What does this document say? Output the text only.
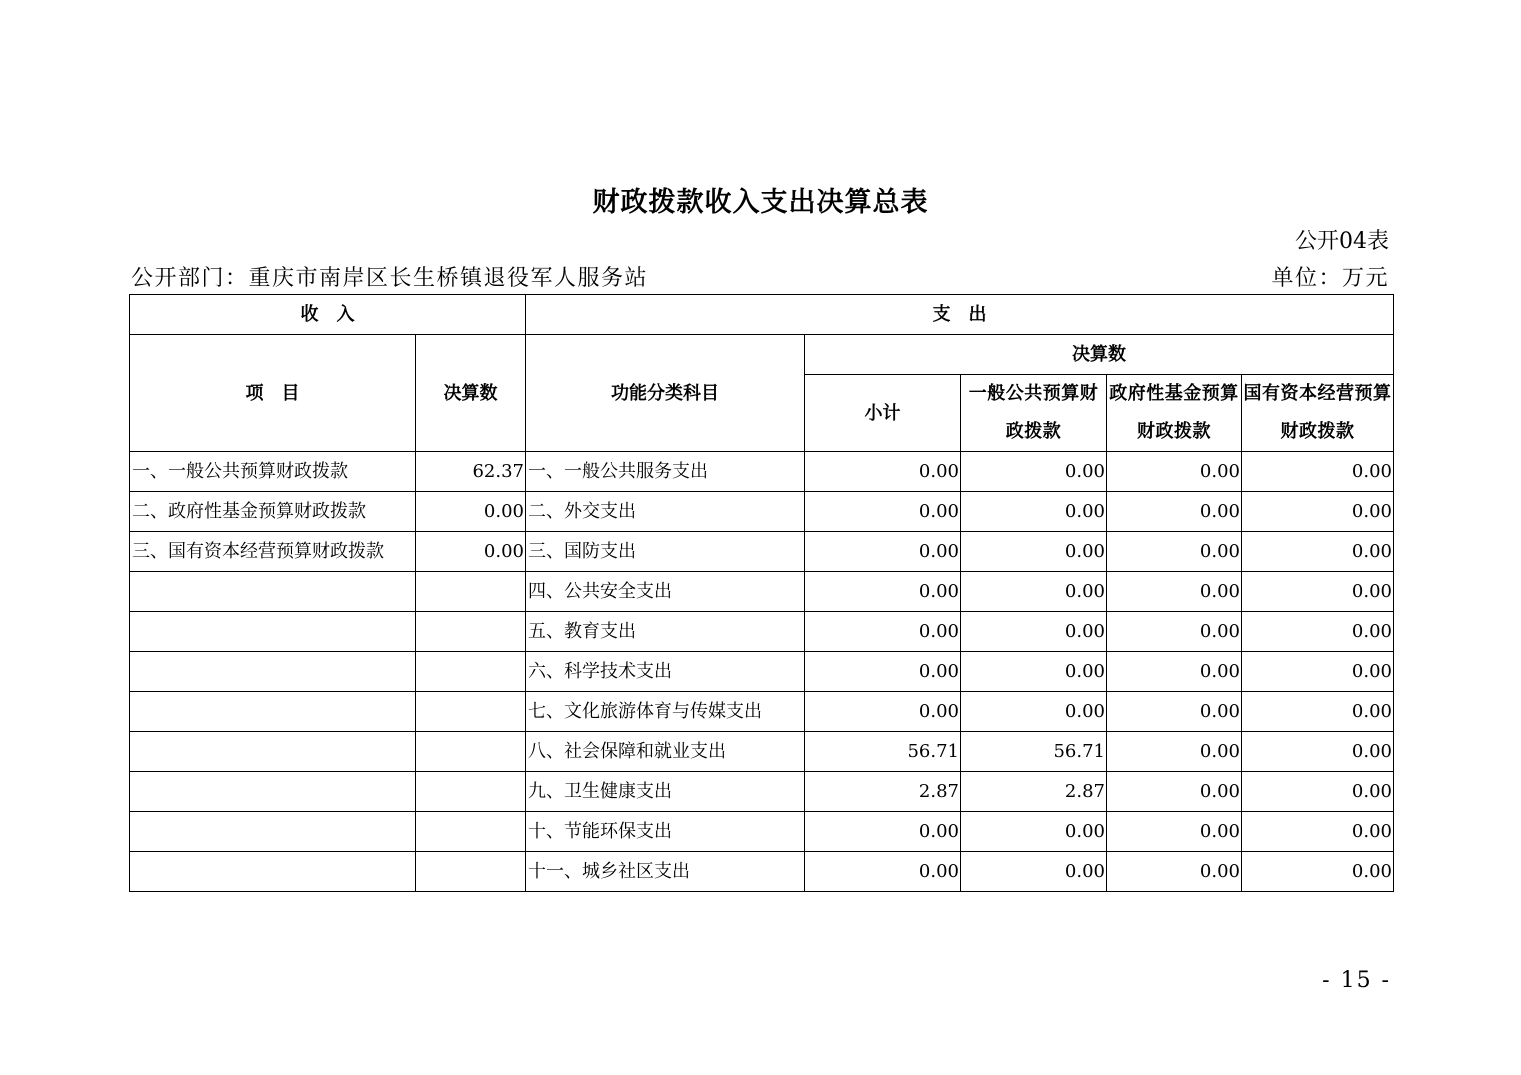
财政拨款收入支出决算总表
公开04表
公开部门：重庆市南岸区长生桥镇退役军人服务站	单位：万元
收　入		支　出				
项　目	决算数	功能分类科目	决算数			
			小计	一般公共预算财政拨款	政府性基金预算财政拨款	国有资本经营预算财政拨款

一、一般公共预算财政拨款	62.37	一、一般公共服务支出	0.00	0.00	0.00	0.00
二、政府性基金预算财政拨款	0.00	二、外交支出	0.00	0.00	0.00	0.00
三、国有资本经营预算财政拨款	0.00	三、国防支出	0.00	0.00	0.00	0.00
		四、公共安全支出	0.00	0.00	0.00	0.00
		五、教育支出	0.00	0.00	0.00	0.00
		六、科学技术支出	0.00	0.00	0.00	0.00
		七、文化旅游体育与传媒支出	0.00	0.00	0.00	0.00
		八、社会保障和就业支出	56.71	56.71	0.00	0.00
		九、卫生健康支出	2.87	2.87	0.00	0.00
		十、节能环保支出	0.00	0.00	0.00	0.00
		十一、城乡社区支出	0.00	0.00	0.00	0.00
- 15 -
